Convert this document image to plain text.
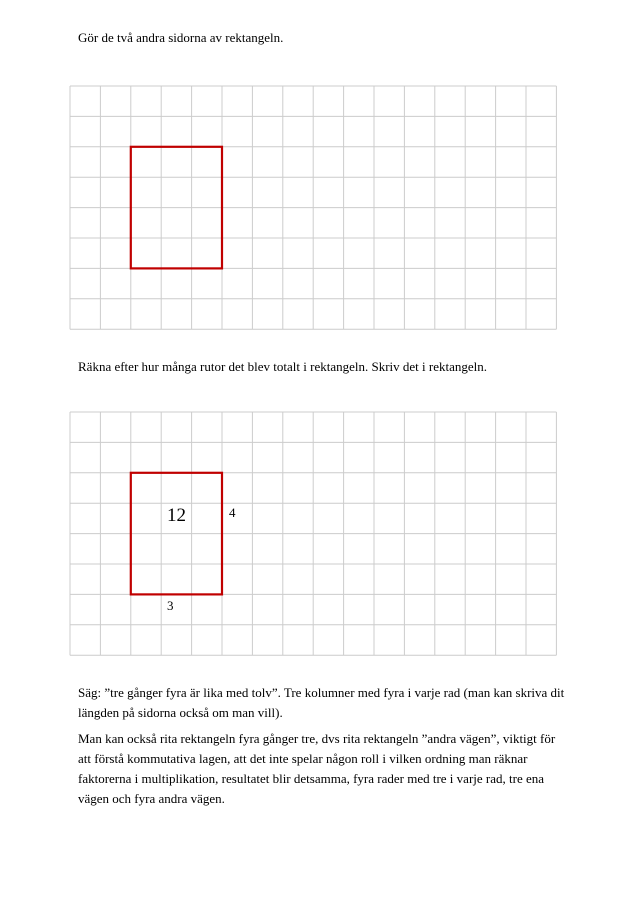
Gör de två andra sidorna av rektangeln.
Räkna efter hur många rutor det blev totalt i rektangeln. Skriv det i rektangeln.
12	4
3
Säg: ”tre gånger fyra är lika med tolv”. Tre kolumner med fyra i varje rad (man kan skriva dit längden på sidorna också om man vill).
Man kan också rita rektangeln fyra gånger tre, dvs rita rektangeln ”andra vägen”, viktigt för att förstå kommutativa lagen, att det inte spelar någon roll i vilken ordning man räknar faktorerna i multiplikation, resultatet blir detsamma, fyra rader med tre i varje rad, tre ena vägen och fyra andra vägen.
